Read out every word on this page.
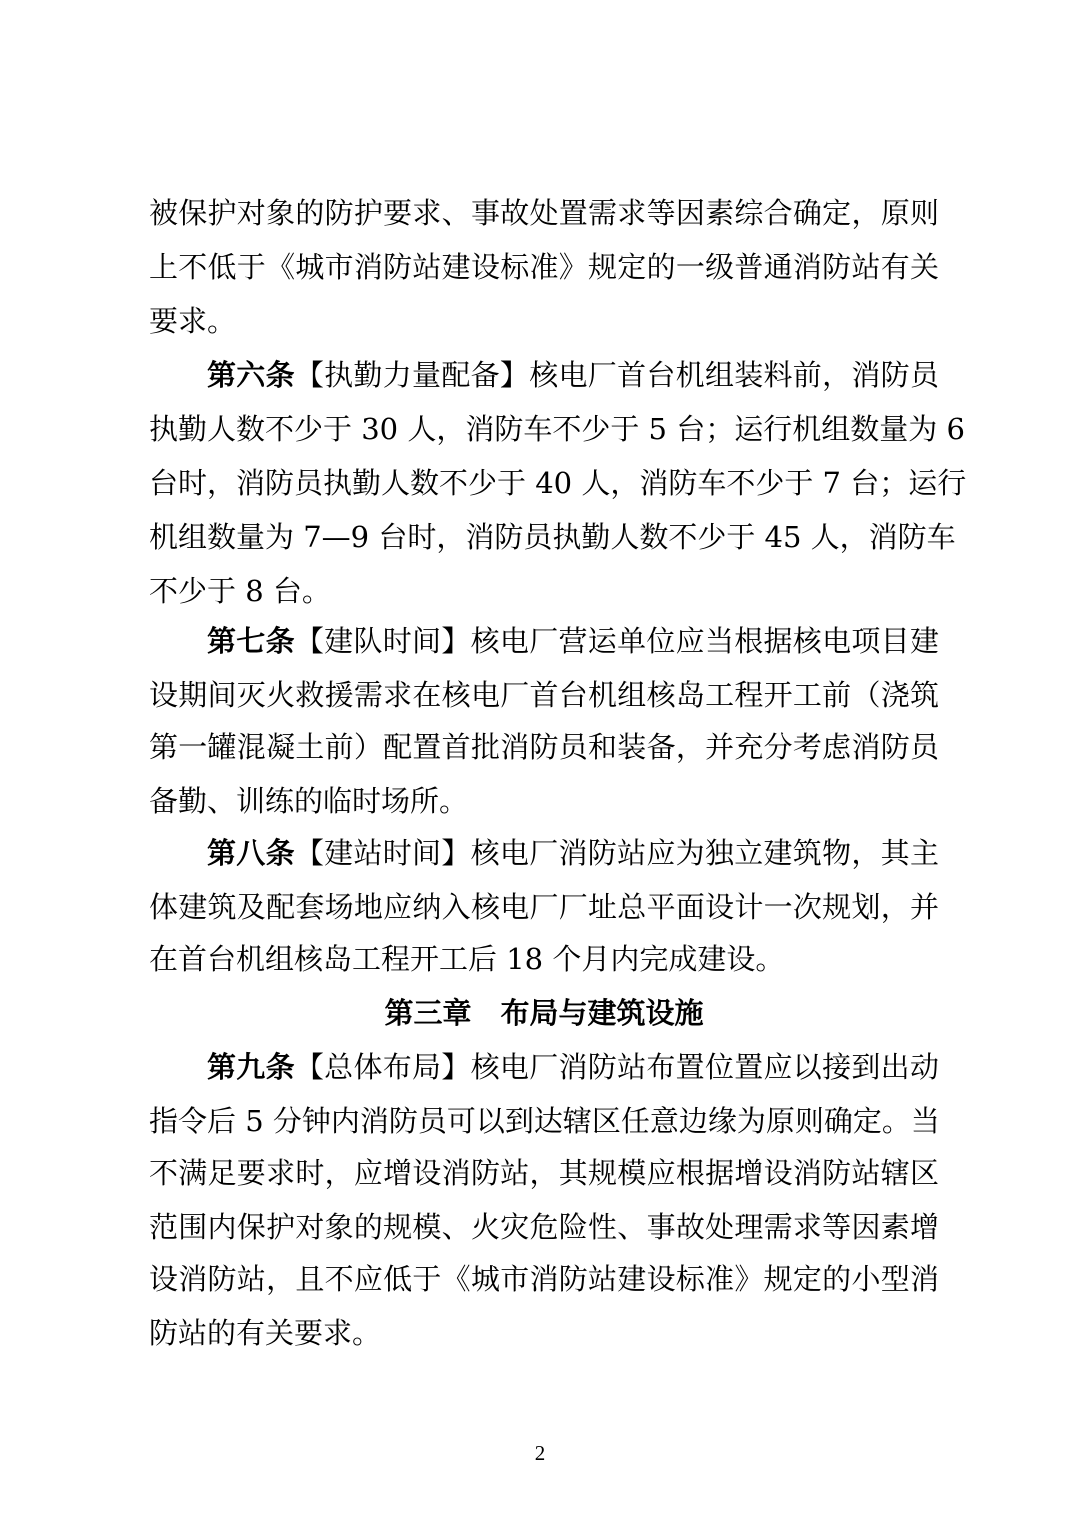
被保护对象的防护要求、事故处置需求等因素综合确定，原则
上不低于《城市消防站建设标准》规定的一级普通消防站有关
要求。
第六条【执勤力量配备】核电厂首台机组装料前，消防员
执勤人数不少于 30 人，消防车不少于 5 台；运行机组数量为 6
台时，消防员执勤人数不少于 40 人，消防车不少于 7 台；运行
机组数量为 7—9 台时，消防员执勤人数不少于 45 人，消防车
不少于 8 台。
第七条【建队时间】核电厂营运单位应当根据核电项目建
设期间灭火救援需求在核电厂首台机组核岛工程开工前（浇筑
第一罐混凝土前）配置首批消防员和装备，并充分考虑消防员
备勤、训练的临时场所。
第八条【建站时间】核电厂消防站应为独立建筑物，其主
体建筑及配套场地应纳入核电厂厂址总平面设计一次规划，并
在首台机组核岛工程开工后 18 个月内完成建设。
第三章　布局与建筑设施
第九条【总体布局】核电厂消防站布置位置应以接到出动
指令后 5 分钟内消防员可以到达辖区任意边缘为原则确定。当
不满足要求时，应增设消防站，其规模应根据增设消防站辖区
范围内保护对象的规模、火灾危险性、事故处理需求等因素增
设消防站，且不应低于《城市消防站建设标准》规定的小型消
防站的有关要求。
2
